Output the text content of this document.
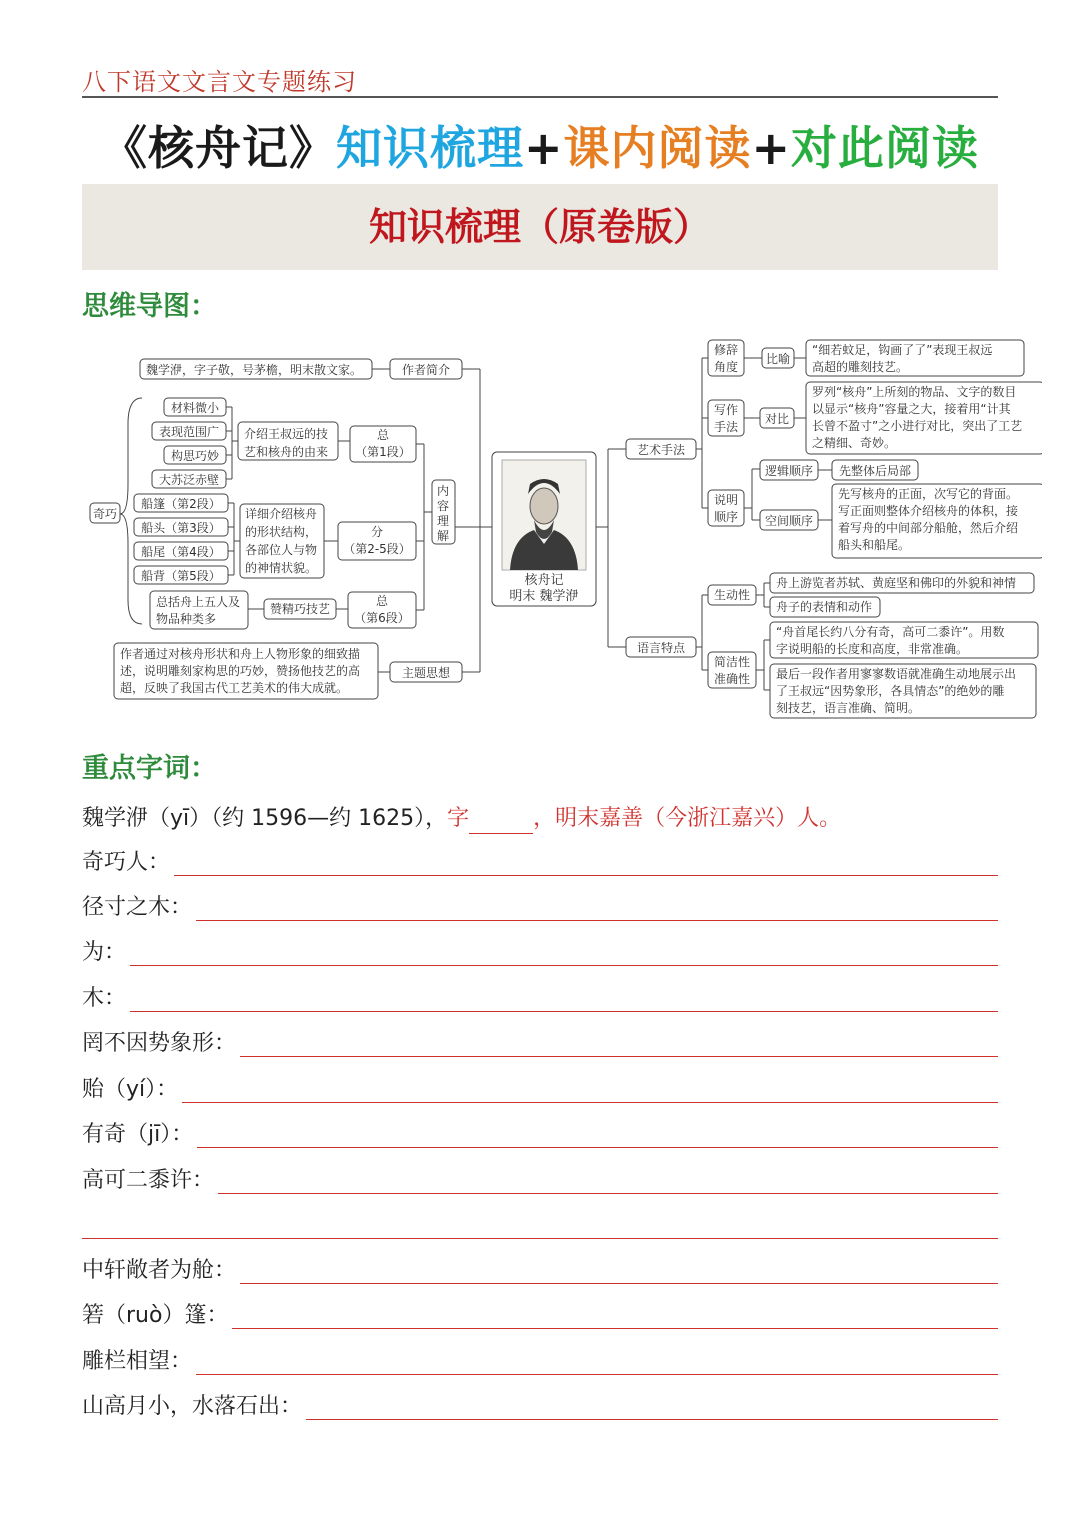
八下语文文言文专题练习
《核舟记》知识梳理+课内阅读+对此阅读
知识梳理（原卷版）
思维导图：
核舟记
明末 魏学洢
魏学洢，字子敬，号茅檐，明末散文家。	作者简介
奇巧
材料微小
表现范围广
构思巧妙
大苏泛赤壁
介绍王叔远的技
艺和核舟的由来
总
（第1段）
船篷（第2段）
船头（第3段）
船尾（第4段）
船背（第5段）
详细介绍核舟
的形状结构，
各部位人与物
的神情状貌。
分
（第2-5段）
总括舟上五人及
物品种类多
赞精巧技艺
总
（第6段）
内
容
理
解
作者通过对核舟形状和舟上人物形象的细致描
述，说明雕刻家构思的巧妙，赞扬他技艺的高
超，反映了我国古代工艺美术的伟大成就。
主题思想
艺术手法
语言特点
修辞
角度
比喻
“细若蚊足，钩画了了”表现王叔远
高超的雕刻技艺。
写作
手法
对比
罗列“核舟”上所刻的物品、文字的数目
以显示“核舟”容量之大，接着用“计其
长曾不盈寸”之小进行对比，突出了工艺
之精细、奇妙。
说明
顺序
逻辑顺序 先整体后局部
空间顺序
先写核舟的正面，次写它的背面。
写正面则整体介绍核舟的体积，接
着写舟的中间部分船舱，然后介绍
船头和船尾。
生动性
舟上游览者苏轼、黄庭坚和佛印的外貌和神情
舟子的表情和动作
简洁性
准确性
“舟首尾长约八分有奇，高可二黍许”。用数
字说明船的长度和高度，非常准确。
最后一段作者用寥寥数语就准确生动地展示出
了王叔远“因势象形，各具情态”的绝妙的雕
刻技艺，语言准确、简明。
重点字词：
魏学洢（yī）（约 1596—约 1625）， 字	，明末嘉善（今浙江嘉兴）人。
奇巧人：
径寸之木：
为：
木：
罔不因势象形：
贻（yí）：
有奇（jī）：
高可二黍许：
中轩敞者为舱：
箬（ruò）篷：
雕栏相望：
山高月小，水落石出：
